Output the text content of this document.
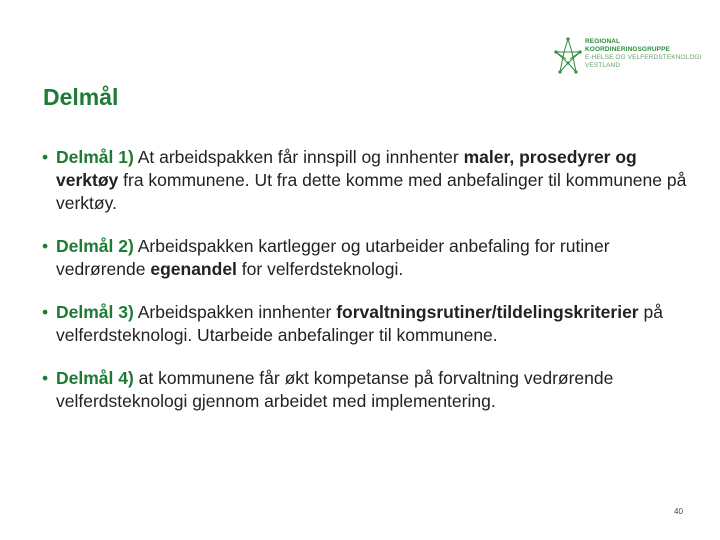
REGIONAL
KOORDINERINGSGRUPPE
E-HELSE OG VELFERDSTEKNOLOGI
VESTLAND
Delmål
• Delmål 1) At arbeidspakken får innspill og innhenter maler, prosedyrer og verktøy fra kommunene. Ut fra dette komme med anbefalinger til kommunene på verktøy.
• Delmål 2) Arbeidspakken kartlegger og utarbeider anbefaling for rutiner vedrørende egenandel for velferdsteknologi.
• Delmål 3) Arbeidspakken innhenter forvaltningsrutiner/tildelingskriterier på velferdsteknologi. Utarbeide anbefalinger til kommunene.
• Delmål 4) at kommunene får økt kompetanse på forvaltning vedrørende velferdsteknologi gjennom arbeidet med implementering.
40
